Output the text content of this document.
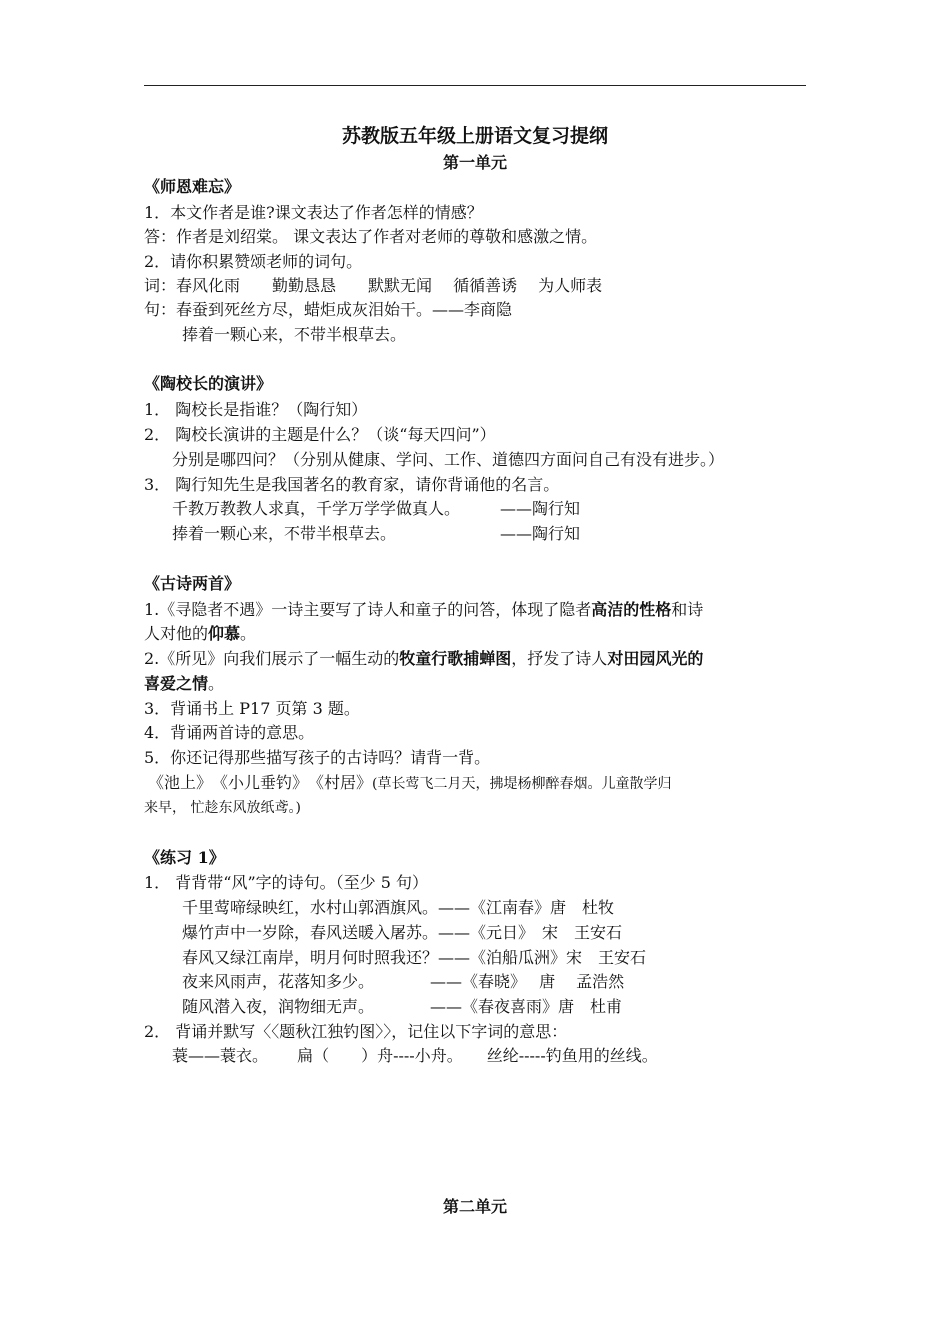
苏教版五年级上册语文复习提纲
第一单元
《师恩难忘》
1．本文作者是谁?课文表达了作者怎样的情感？
答：作者是刘绍棠。 课文表达了作者对老师的尊敬和感激之情。
2．请你积累赞颂老师的词句。
词：春风化雨　　勤勤恳恳　　默默无闻　 循循善诱　 为人师表
句：春蚕到死丝方尽，蜡炬成灰泪始干。——李商隐
捧着一颗心来，不带半根草去。
《陶校长的演讲》
1． 陶校长是指谁？（陶行知）
2． 陶校长演讲的主题是什么？（谈“每天四问”）
分别是哪四问？（分别从健康、学问、工作、道德四方面问自己有没有进步。）
3． 陶行知先生是我国著名的教育家，请你背诵他的名言。
千教万教教人求真，千学万学学做真人。　　　——陶行知
捧着一颗心来，不带半根草去。　　　　　　　——陶行知
《古诗两首》
1.《寻隐者不遇》一诗主要写了诗人和童子的问答，体现了隐者高洁的性格和诗
人对他的仰慕。
2.《所见》向我们展示了一幅生动的牧童行歌捕蝉图，抒发了诗人对田园风光的
喜爱之情。
3．背诵书上 P17 页第 3 题。
4．背诵两首诗的意思。
5．你还记得那些描写孩子的古诗吗？请背一背。
《池上》　《小儿垂钓》　《村居》(草长莺飞二月天，拂堤杨柳醉春烟。儿童散学归
来早， 忙趁东风放纸鸢。)
《练习 1》
1． 背背带“风”字的诗句。（至少 5 句）
千里莺啼绿映红，水村山郭酒旗风。——《江南春》唐　杜牧
爆竹声中一岁除，春风送暖入屠苏。——《元日》　宋　王安石
春风又绿江南岸，明月何时照我还？——《泊船瓜洲》宋　王安石
夜来风雨声，花落知多少。　　　　——《春晓》　 唐　 孟浩然
随风潜入夜，润物细无声。　　　　——《春夜喜雨》唐　杜甫
2． 背诵并默写〈〈题秋江独钓图〉〉，记住以下字词的意思：
蓑——蓑衣。　　 扁（　　）舟----小舟。　　丝纶-----钓鱼用的丝线。
第二单元
